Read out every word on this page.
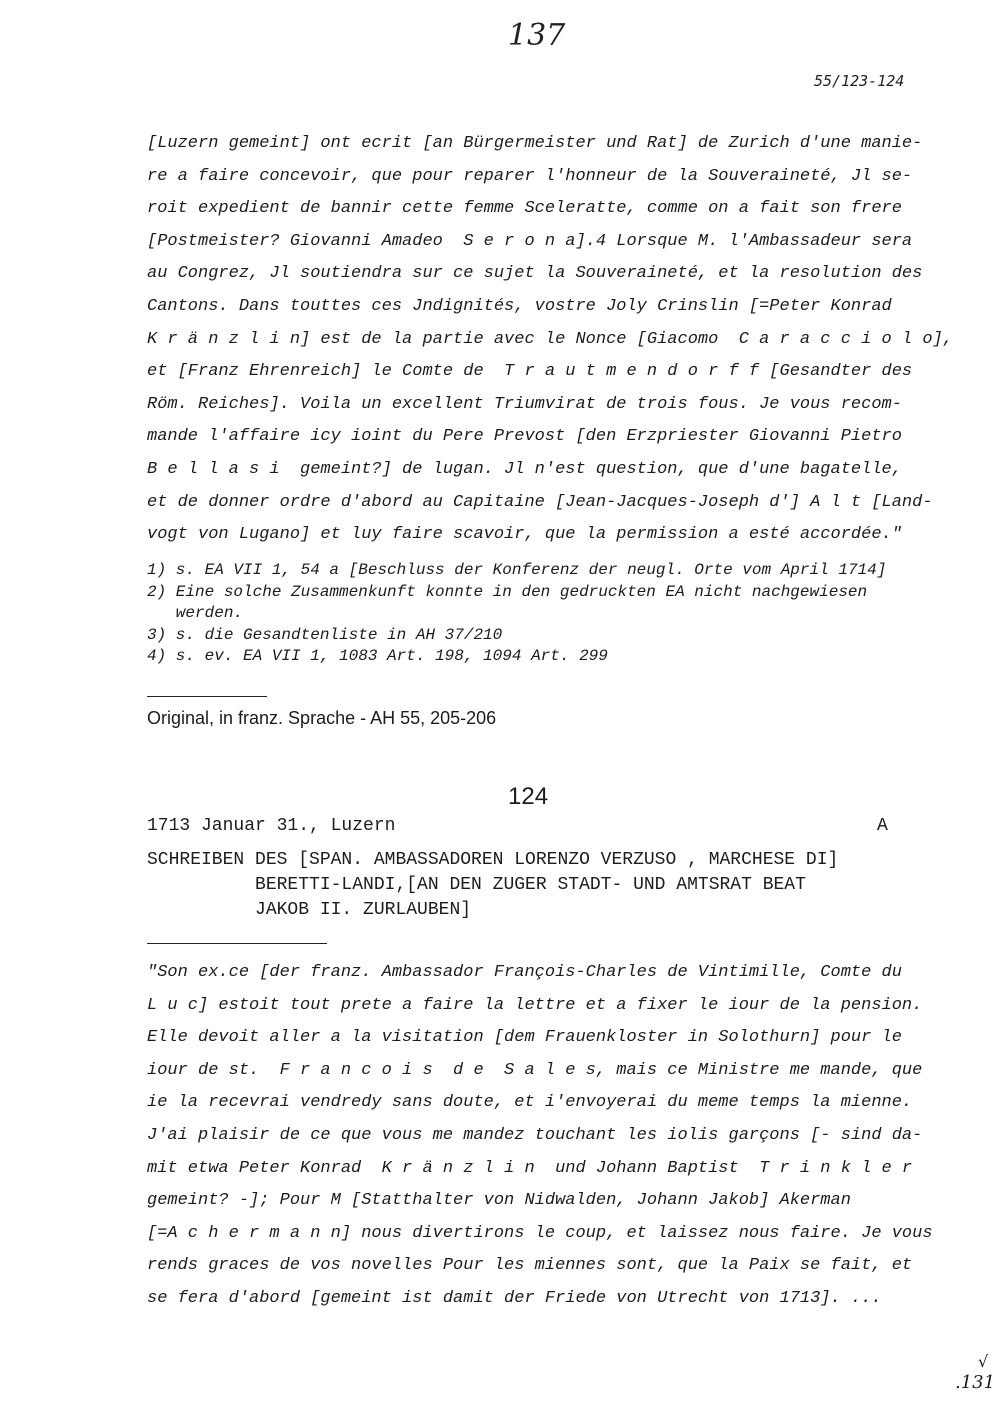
137
55/123-124
[Luzern gemeint] ont ecrit [an Bürgermeister und Rat] de Zurich d'une manie-
re a faire concevoir, que pour reparer l'honneur de la Souveraineté, Jl se-
roit expedient de bannir cette femme Sceleratte, comme on a fait son frere
[Postmeister? Giovanni Amadeo  S e r o n a].4 Lorsque M. l'Ambassadeur sera
au Congrez, Jl soutiendra sur ce sujet la Souveraineté, et la resolution des
Cantons. Dans touttes ces Jndignités, vostre Joly Crinslin [=Peter Konrad
K r ä n z l i n] est de la partie avec le Nonce [Giacomo  C a r a c c i o l o],
et [Franz Ehrenreich] le Comte de  T r a u t m e n d o r f f [Gesandter des
Röm. Reiches]. Voila un excellent Triumvirat de trois fous. Je vous recom-
mande l'affaire icy ioint du Pere Prevost [den Erzpriester Giovanni Pietro
B e l l a s i  gemeint?] de lugan. Jl n'est question, que d'une bagatelle,
et de donner ordre d'abord au Capitaine [Jean-Jacques-Joseph d'] A l t [Land-
vogt von Lugano] et luy faire scavoir, que la permission a esté accordée."
1) s. EA VII 1, 54 a [Beschluss der Konferenz der neugl. Orte vom April 1714]
2) Eine solche Zusammenkunft konnte in den gedruckten EA nicht nachgewiesen
werden.
3) s. die Gesandtenliste in AH 37/210
4) s. ev. EA VII 1, 1083 Art. 198, 1094 Art. 299
Original, in franz. Sprache - AH 55, 205-206
124
1713 Januar 31., Luzern	A
SCHREIBEN DES [SPAN. AMBASSADOREN LORENZO VERZUSO , MARCHESE DI]
BERETTI-LANDI,[AN DEN ZUGER STADT- UND AMTSRAT BEAT
JAKOB II. ZURLAUBEN]
"Son ex.ce [der franz. Ambassador François-Charles de Vintimille, Comte du
L u c] estoit tout prete a faire la lettre et a fixer le iour de la pension.
Elle devoit aller a la visitation [dem Frauenkloster in Solothurn] pour le
iour de st.  F r a n c o i s  d e  S a l e s, mais ce Ministre me mande, que
ie la recevrai vendredy sans doute, et i'envoyerai du meme temps la mienne.
J'ai plaisir de ce que vous me mandez touchant les iolis garçons [- sind da-
mit etwa Peter Konrad  K r ä n z l i n  und Johann Baptist  T r i n k l e r
gemeint? -]; Pour M [Statthalter von Nidwalden, Johann Jakob] Akerman
[=A c h e r m a n n] nous divertirons le coup, et laissez nous faire. Je vous
rends graces de vos novelles Pour les miennes sont, que la Paix se fait, et
se fera d'abord [gemeint ist damit der Friede von Utrecht von 1713]. ...
√
.131
